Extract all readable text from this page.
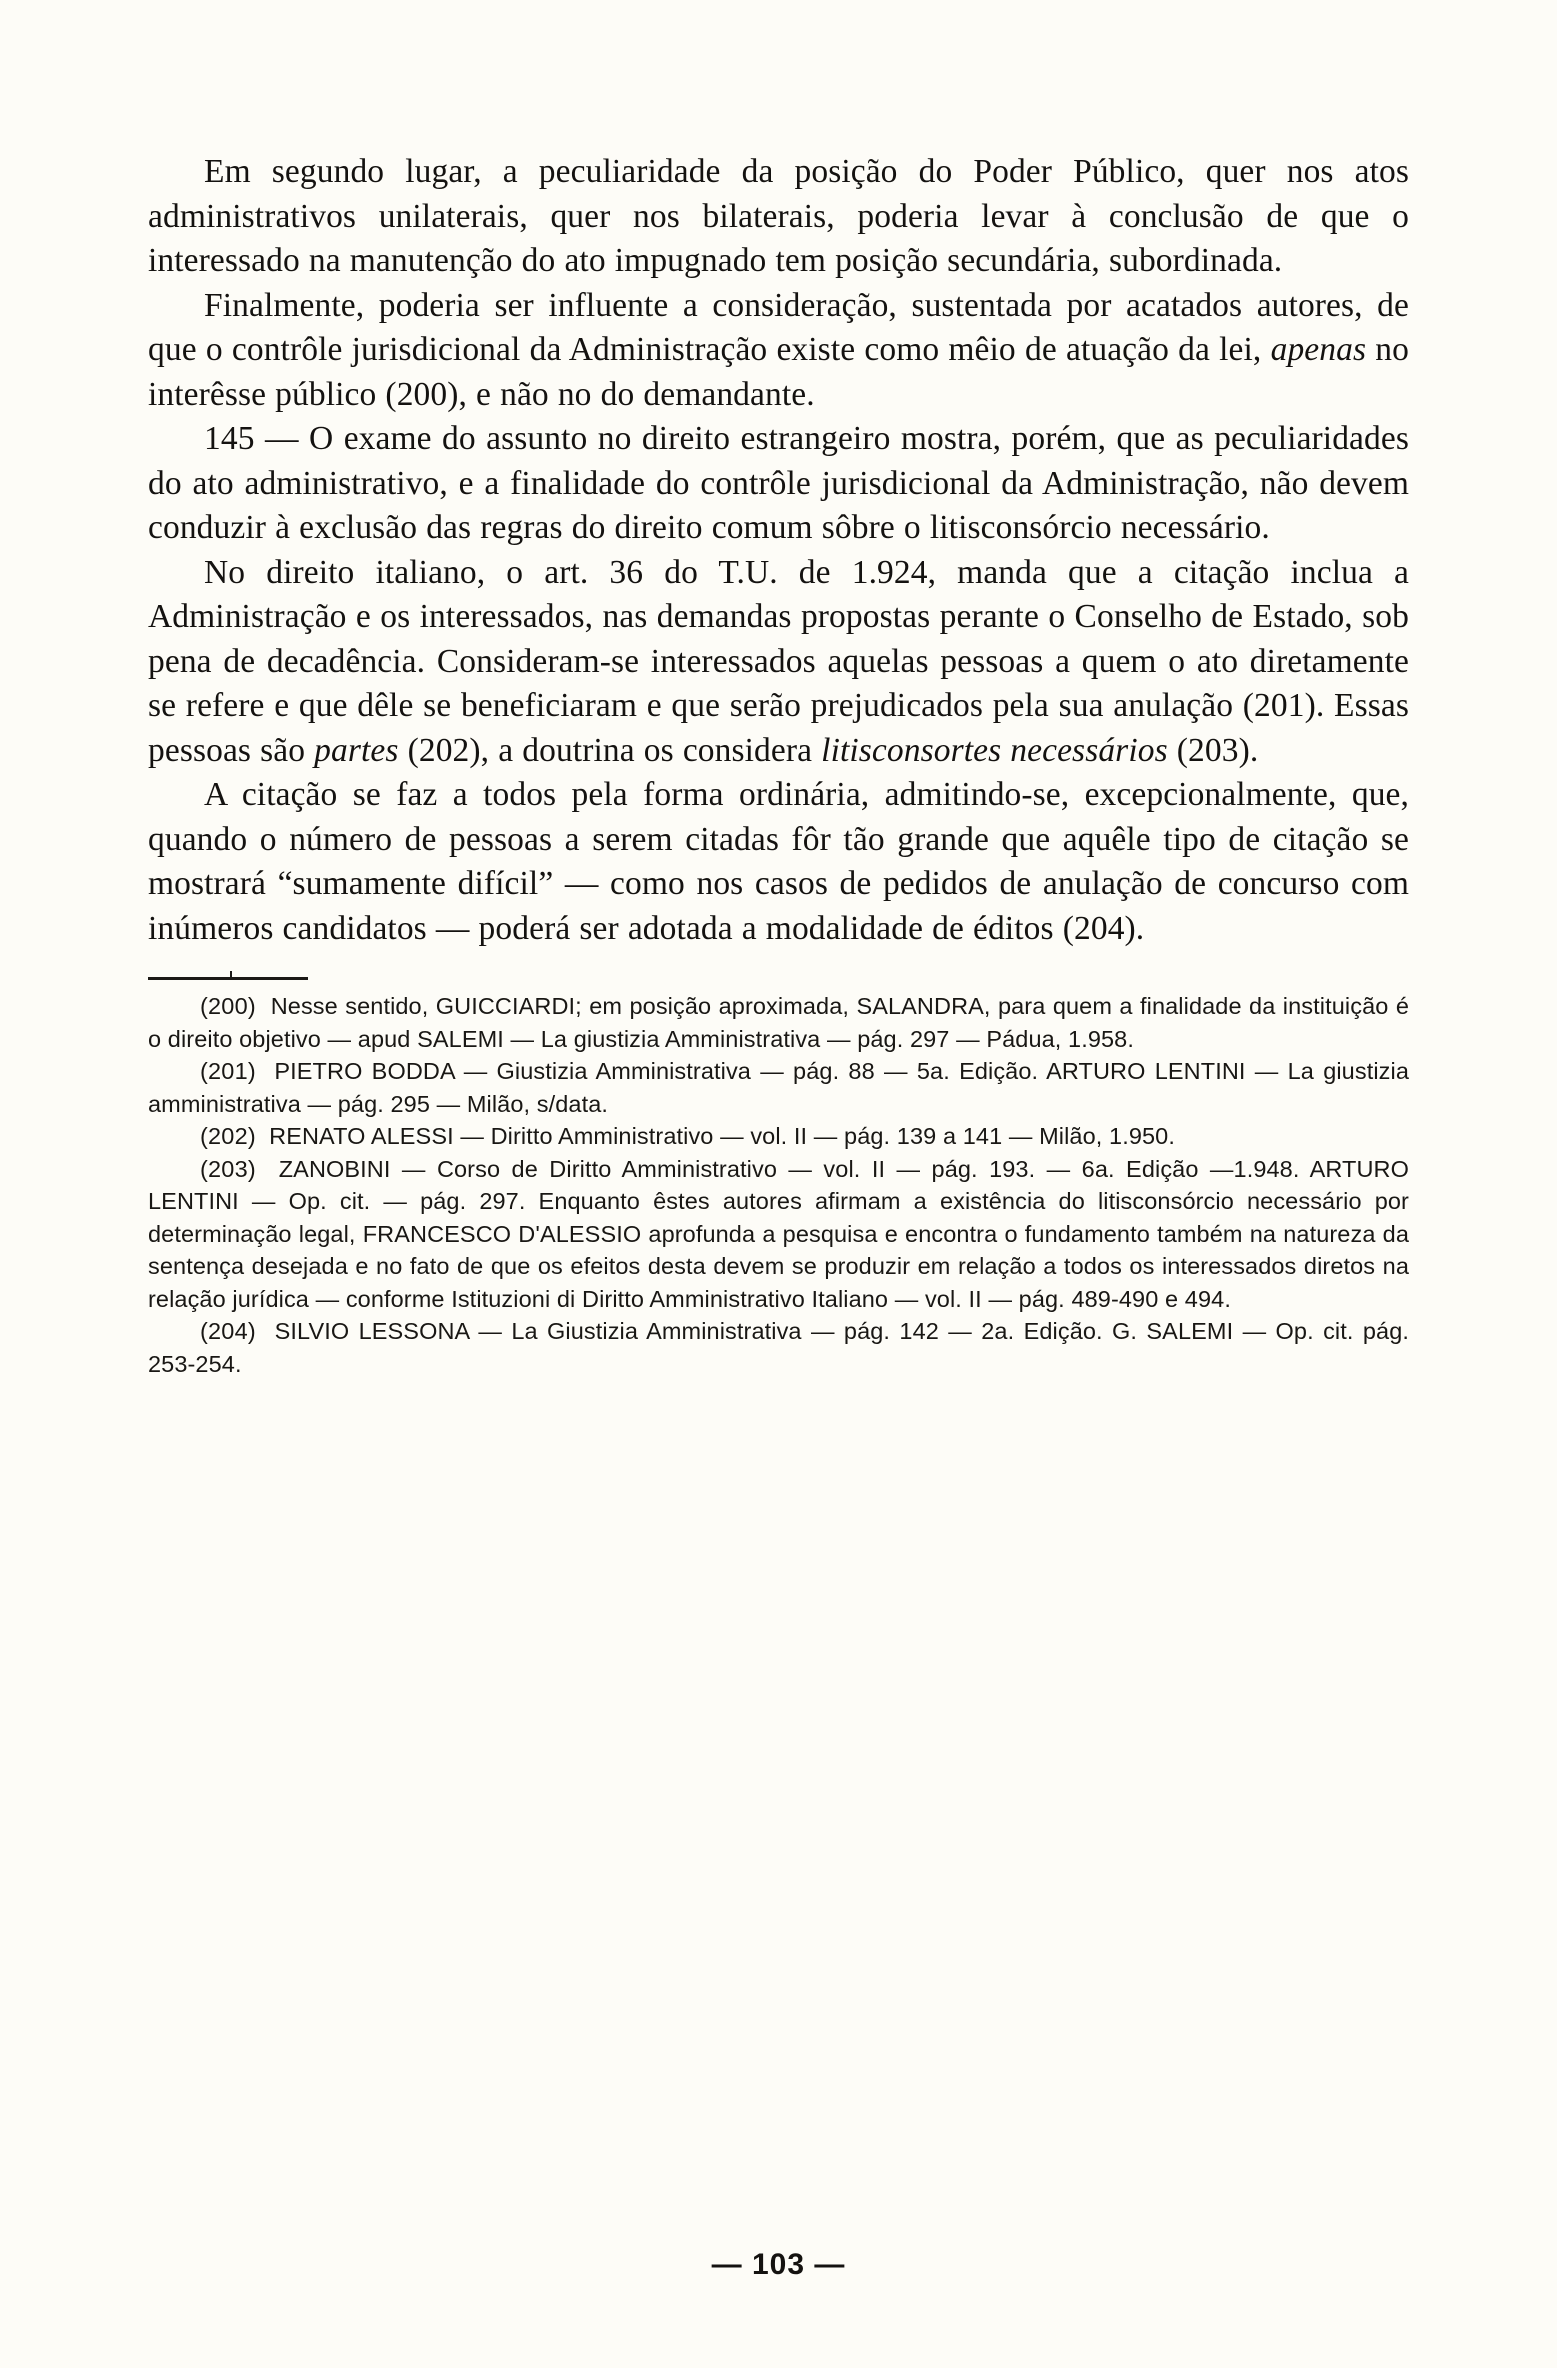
Em segundo lugar, a peculiaridade da posição do Poder Público, quer nos atos administrativos unilaterais, quer nos bilaterais, poderia levar à conclusão de que o interessado na manutenção do ato impugnado tem posição secundária, subordinada.

Finalmente, poderia ser influente a consideração, sustentada por acatados autores, de que o contrôle jurisdicional da Administração existe como mêio de atuação da lei, apenas no interêsse público (200), e não no do demandante.

145 — O exame do assunto no direito estrangeiro mostra, porém, que as peculiaridades do ato administrativo, e a finalidade do contrôle jurisdicional da Administração, não devem conduzir à exclusão das regras do direito comum sôbre o litisconsórcio necessário.

No direito italiano, o art. 36 do T.U. de 1.924, manda que a citação inclua a Administração e os interessados, nas demandas propostas perante o Conselho de Estado, sob pena de decadência. Consideram-se interessados aquelas pessoas a quem o ato diretamente se refere e que dêle se beneficiaram e que serão prejudicados pela sua anulação (201). Essas pessoas são partes (202), a doutrina os considera litisconsortes necessários (203).

A citação se faz a todos pela forma ordinária, admitindo-se, excepcionalmente, que, quando o número de pessoas a serem citadas fôr tão grande que aquêle tipo de citação se mostrará “sumamente difícil” — como nos casos de pedidos de anulação de concurso com inúmeros candidatos — poderá ser adotada a modalidade de éditos (204).

(200) Nesse sentido, GUICCIARDI; em posição aproximada, SALANDRA, para quem a finalidade da instituição é o direito objetivo — apud SALEMI — La giustizia Amministrativa — pág. 297 — Pádua, 1.958.

(201) PIETRO BODDA — Giustizia Amministrativa — pág. 88 — 5a. Edição. ARTURO LENTINI — La giustizia amministrativa — pág. 295 — Milão, s/data.

(202) RENATO ALESSI — Diritto Amministrativo — vol. II — pág. 139 a 141 — Milão, 1.950.

(203) ZANOBINI — Corso de Diritto Amministrativo — vol. II — pág. 193. — 6a. Edição —1.948. ARTURO LENTINI — Op. cit. — pág. 297. Enquanto êstes autores afirmam a existência do litisconsórcio necessário por determinação legal, FRANCESCO D'ALESSIO aprofunda a pesquisa e encontra o fundamento também na natureza da sentença desejada e no fato de que os efeitos desta devem se produzir em relação a todos os interessados diretos na relação jurídica — conforme Istituzioni di Diritto Amministrativo Italiano — vol. II — pág. 489-490 e 494.

(204) SILVIO LESSONA — La Giustizia Amministrativa — pág. 142 — 2a. Edição. G. SALEMI — Op. cit. pág. 253-254.

— 103 —
